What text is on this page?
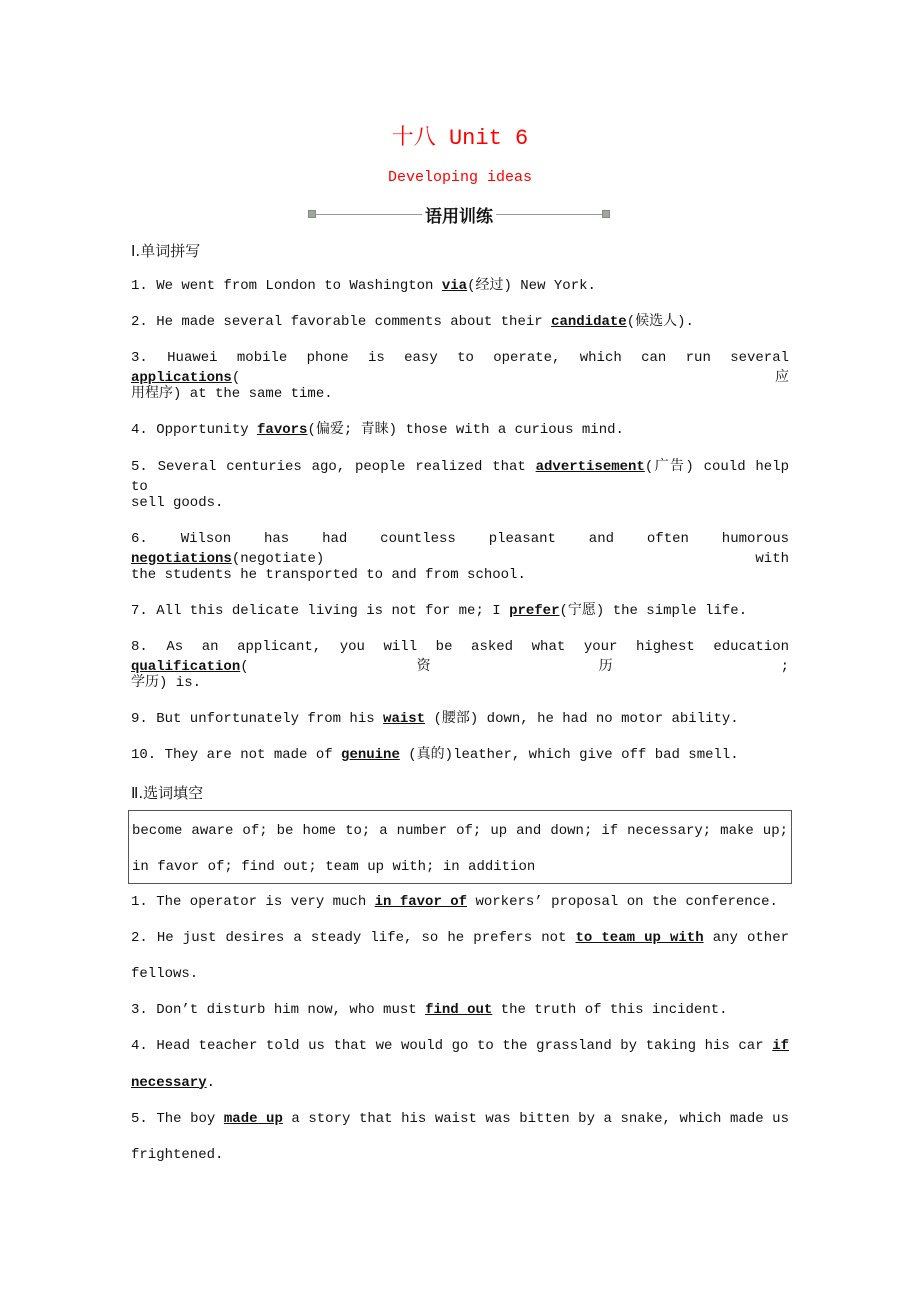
十八 Unit 6
Developing ideas
语用训练
Ⅰ.单词拼写
Ⅱ.选词填空
become aware of; be home to; a number of; up and down; if necessary; make up;
in favor of; find out; team up with; in addition
1. We went from London to Washington via(经过) New York.
2. He made several favorable comments about their candidate(候选人).
3. Huawei mobile phone is easy to operate, which can run several applications(应
用程序) at the same time.
4. Opportunity favors(偏爱; 青睐) those with a curious mind.
5. Several centuries ago, people realized that advertisement(广告) could help to
sell goods.
6. Wilson has had countless pleasant and often humorous negotiations(negotiate) with
the students he transported to and from school.
7. All this delicate living is not for me; I prefer(宁愿) the simple life.
8. As an applicant, you will be asked what your highest education qualification(资历;
学历) is.
9. But unfortunately from his waist (腰部) down, he had no motor ability.
10. They are not made of genuine (真的)leather, which give off bad smell.
1. The operator is very much in favor of workers’ proposal on the conference.
2. He just desires a steady life, so he prefers not to team up with any other
fellows.
3. Don’t disturb him now, who must find out the truth of this incident.
4. Head teacher told us that we would go to the grassland by taking his car if
necessary.
5. The boy made up a story that his waist was bitten by a snake, which made us
frightened.
